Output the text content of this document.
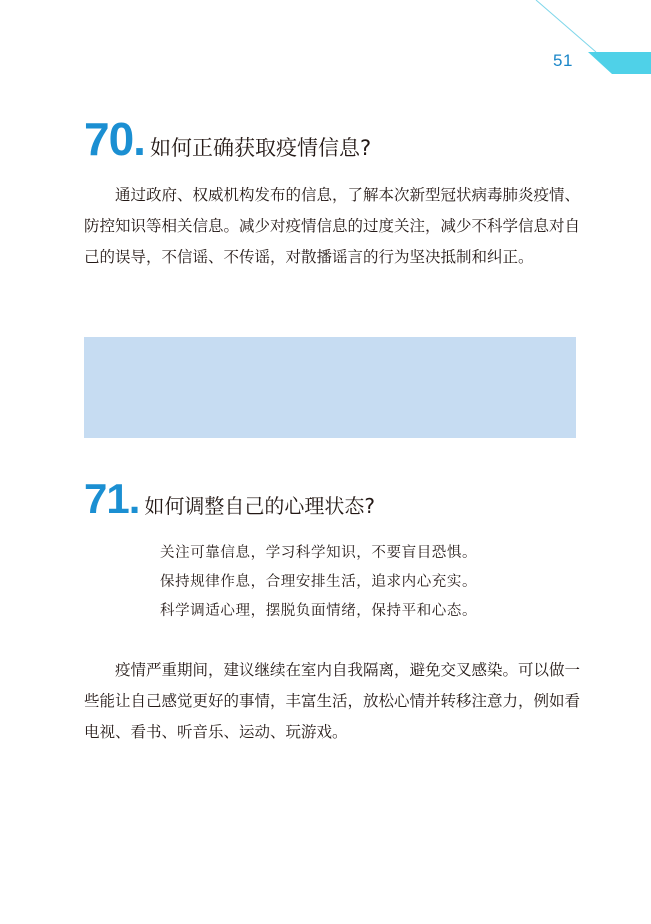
51
70 . 如何正确获取疫情信息?

通过政府、权威机构发布的信息，了解本次新型冠状病毒肺炎疫情、防控知识等相关信息。减少对疫情信息的过度关注，减少不科学信息对自己的误导，不信谣、不传谣，对散播谣言的行为坚决抵制和纠正。

71 . 如何调整自己的心理状态?
关注可靠信息，学习科学知识，不要盲目恐惧。
保持规律作息，合理安排生活，追求内心充实。
科学调适心理，摆脱负面情绪，保持平和心态。

疫情严重期间，建议继续在室内自我隔离，避免交叉感染。可以做一些能让自己感觉更好的事情，丰富生活，放松心情并转移注意力，例如看电视、看书、听音乐、运动、玩游戏。
